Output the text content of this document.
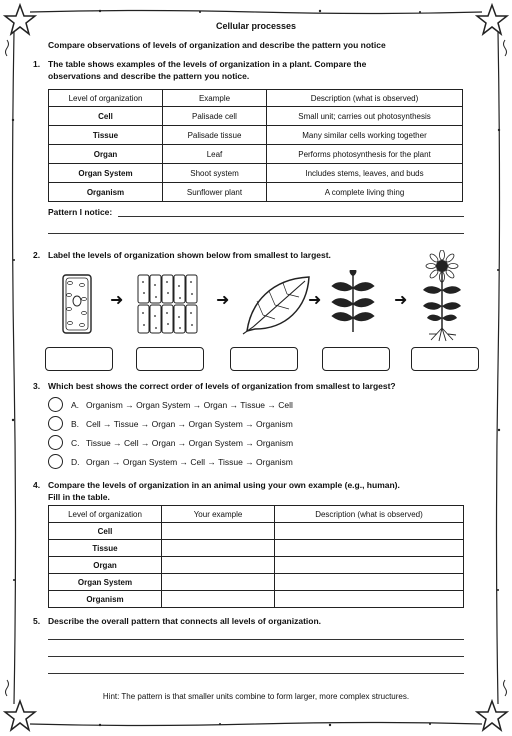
Cellular processes
Compare observations of levels of organization and describe the pattern you notice
1. The table shows examples of the levels of organization in a plant. Compare the
observations and describe the pattern you notice.
Level of organization	Example	Description (what is observed)
Cell	Palisade cell	Small unit; carries out photosynthesis
Tissue	Palisade tissue	Many similar cells working together
Organ	Leaf	Performs photosynthesis for the plant
Organ System	Shoot system	Includes stems, leaves, and buds
Organism	Sunflower plant	A complete living thing
Pattern I notice:
2. Label the levels of organization shown below from smallest to largest.
➜	➜	➜	➜
3. Which best shows the correct order of levels of organization from smallest to largest?
A. Organism → Organ System → Organ → Tissue → Cell
B. Cell → Tissue → Organ → Organ System → Organism
C. Tissue → Cell → Organ → Organ System → Organism
D. Organ → Organ System → Cell → Tissue → Organism
4. Compare the levels of organization in an animal using your own example (e.g., human).
Fill in the table.
Level of organization	Your example	Description (what is observed)
Cell		
Tissue		
Organ		
Organ System		
Organism		
5. Describe the overall pattern that connects all levels of organization.
Hint: The pattern is that smaller units combine to form larger, more complex structures.
